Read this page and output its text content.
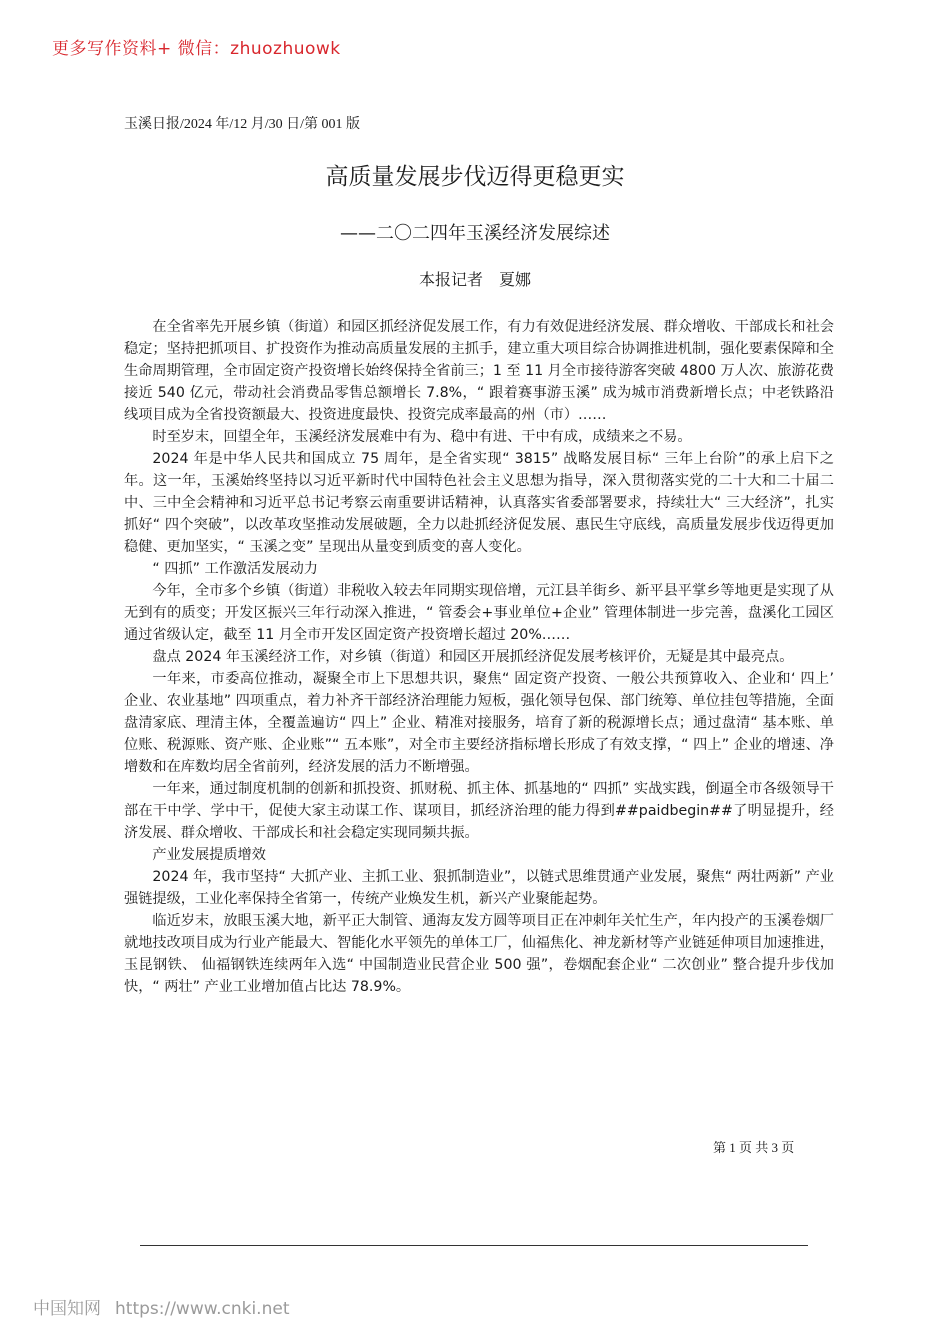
更多写作资料+ 微信：zhuozhuowk
玉溪日报/2024 年/12 月/30 日/第 001 版
高质量发展步伐迈得更稳更实
——二〇二四年玉溪经济发展综述
本报记者　夏娜

在全省率先开展乡镇（街道）和园区抓经济促发展工作，有力有效促进经济发展、群众增收、干部成长和社会稳定；坚持把抓项目、扩投资作为推动高质量发展的主抓手，建立重大项目综合协调推进机制，强化要素保障和全生命周期管理，全市固定资产投资增长始终保持全省前三；1 至 11 月全市接待游客突破 4800 万人次、旅游花费接近 540 亿元，带动社会消费品零售总额增长 7.8%，“ 跟着赛事游玉溪” 成为城市消费新增长点；中老铁路沿线项目成为全省投资额最大、投资进度最快、投资完成率最高的州（市）……

时至岁末，回望全年，玉溪经济发展难中有为、稳中有进、干中有成，成绩来之不易。

2024 年是中华人民共和国成立 75 周年，是全省实现“ 3815” 战略发展目标“ 三年上台阶”的承上启下之年。这一年，玉溪始终坚持以习近平新时代中国特色社会主义思想为指导，深入贯彻落实党的二十大和二十届二中、三中全会精神和习近平总书记考察云南重要讲话精神，认真落实省委部署要求，持续壮大“ 三大经济”，扎实抓好“ 四个突破”，以改革攻坚推动发展破题，全力以赴抓经济促发展、惠民生守底线，高质量发展步伐迈得更加稳健、更加坚实，“ 玉溪之变” 呈现出从量变到质变的喜人变化。

“ 四抓” 工作激活发展动力

今年，全市多个乡镇（街道）非税收入较去年同期实现倍增，元江县羊街乡、新平县平掌乡等地更是实现了从无到有的质变；开发区振兴三年行动深入推进，“ 管委会+事业单位+企业” 管理体制进一步完善，盘溪化工园区通过省级认定，截至 11 月全市开发区固定资产投资增长超过 20%……

盘点 2024 年玉溪经济工作，对乡镇（街道）和园区开展抓经济促发展考核评价，无疑是其中最亮点。

一年来，市委高位推动，凝聚全市上下思想共识，聚焦“ 固定资产投资、一般公共预算收入、企业和‘ 四上’ 企业、农业基地” 四项重点，着力补齐干部经济治理能力短板，强化领导包保、部门统筹、单位挂包等措施，全面盘清家底、理清主体，全覆盖遍访“ 四上” 企业、精准对接服务，培育了新的税源增长点；通过盘清“ 基本账、单位账、税源账、资产账、企业账”“ 五本账”，对全市主要经济指标增长形成了有效支撑，“ 四上” 企业的增速、净增数和在库数均居全省前列，经济发展的活力不断增强。

一年来，通过制度机制的创新和抓投资、抓财税、抓主体、抓基地的“ 四抓” 实战实践，倒逼全市各级领导干部在干中学、学中干，促使大家主动谋工作、谋项目，抓经济治理的能力得到##paidbegin##了明显提升，经济发展、群众增收、干部成长和社会稳定实现同频共振。

产业发展提质增效

2024 年，我市坚持“ 大抓产业、主抓工业、狠抓制造业”，以链式思维贯通产业发展，聚焦“ 两壮两新” 产业强链提级，工业化率保持全省第一，传统产业焕发生机，新兴产业聚能起势。

临近岁末，放眼玉溪大地，新平正大制管、通海友发方圆等项目正在冲刺年关忙生产，年内投产的玉溪卷烟厂就地技改项目成为行业产能最大、智能化水平领先的单体工厂，仙福焦化、神龙新材等产业链延伸项目加速推进， 玉昆钢铁、 仙福钢铁连续两年入选“ 中国制造业民营企业 500 强”，卷烟配套企业“ 二次创业” 整合提升步伐加快，“ 两壮” 产业工业增加值占比达 78.9%。

第 1 页 共 3 页
中国知网 https://www.cnki.net
